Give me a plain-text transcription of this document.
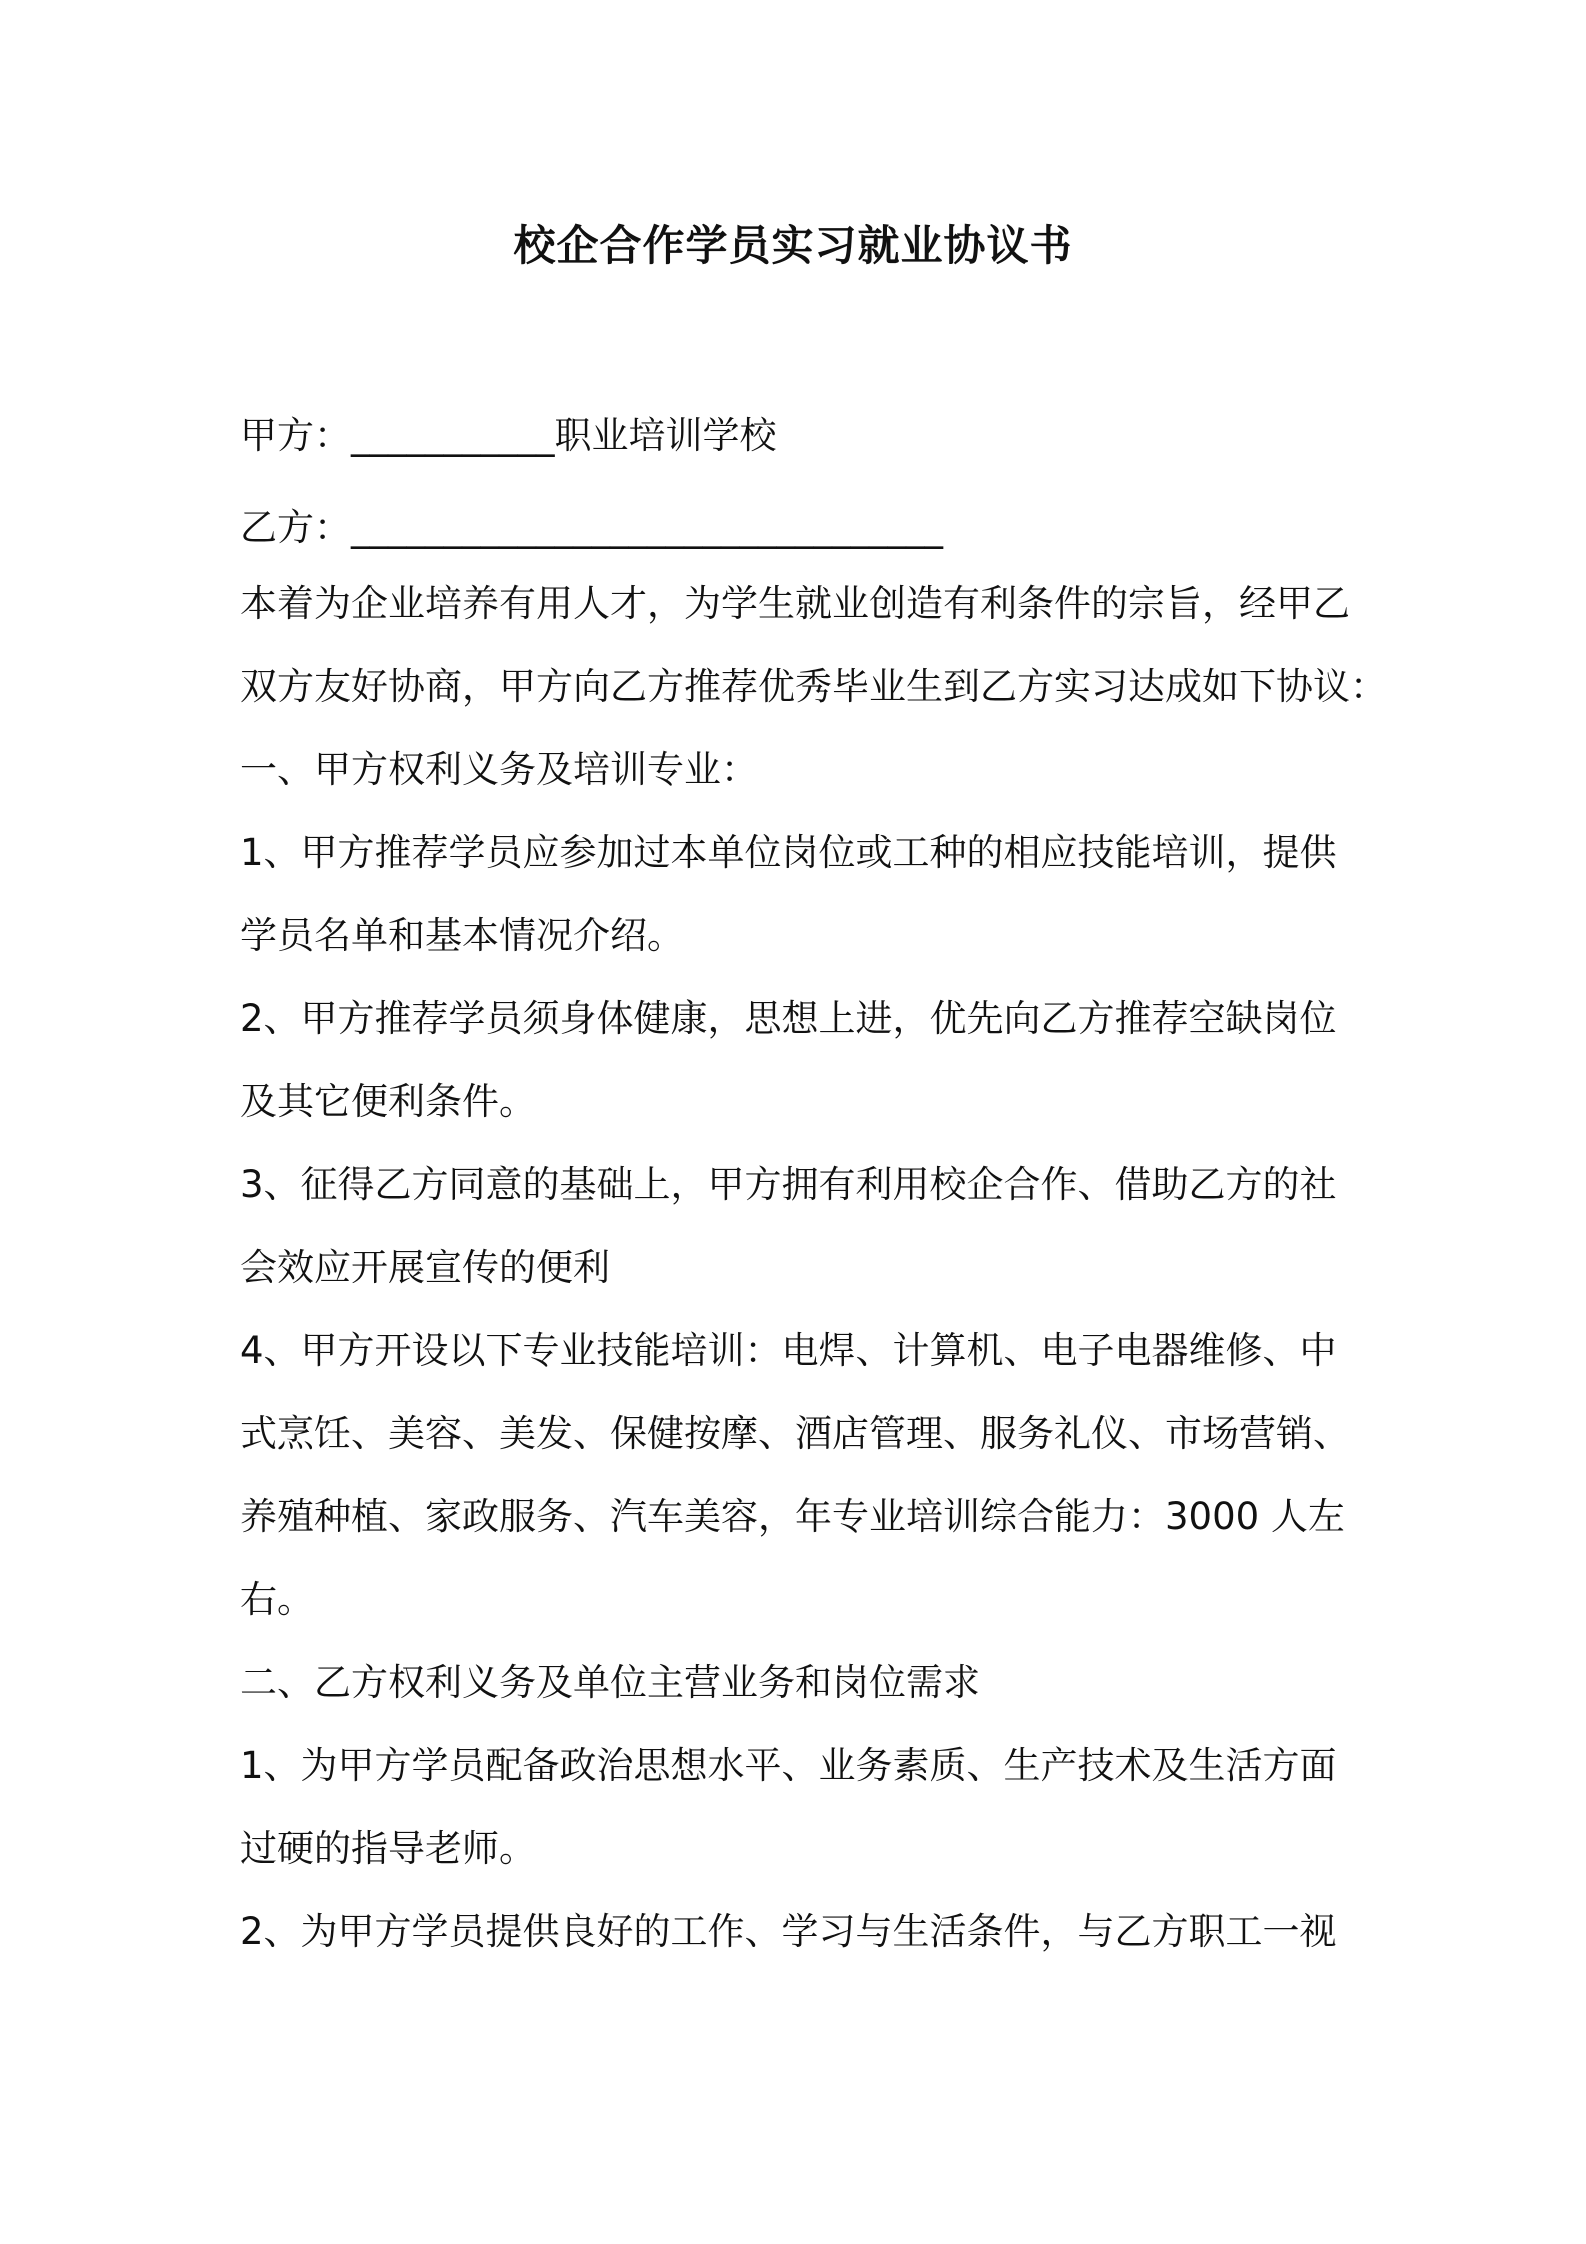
校企合作学员实习就业协议书

甲方：___________职业培训学校

乙方：________________________________

本着为企业培养有用人才，为学生就业创造有利条件的宗旨，经甲乙

双方友好协商，甲方向乙方推荐优秀毕业生到乙方实习达成如下协议：

一、甲方权利义务及培训专业：

1、甲方推荐学员应参加过本单位岗位或工种的相应技能培训，提供

学员名单和基本情况介绍。

2、甲方推荐学员须身体健康，思想上进，优先向乙方推荐空缺岗位

及其它便利条件。

3、征得乙方同意的基础上，甲方拥有利用校企合作、借助乙方的社

会效应开展宣传的便利

4、甲方开设以下专业技能培训：电焊、计算机、电子电器维修、中

式烹饪、美容、美发、保健按摩、酒店管理、服务礼仪、市场营销、

养殖种植、家政服务、汽车美容，年专业培训综合能力：3000 人左

右。

二、乙方权利义务及单位主营业务和岗位需求

1、为甲方学员配备政治思想水平、业务素质、生产技术及生活方面

过硬的指导老师。

2、为甲方学员提供良好的工作、学习与生活条件，与乙方职工一视
